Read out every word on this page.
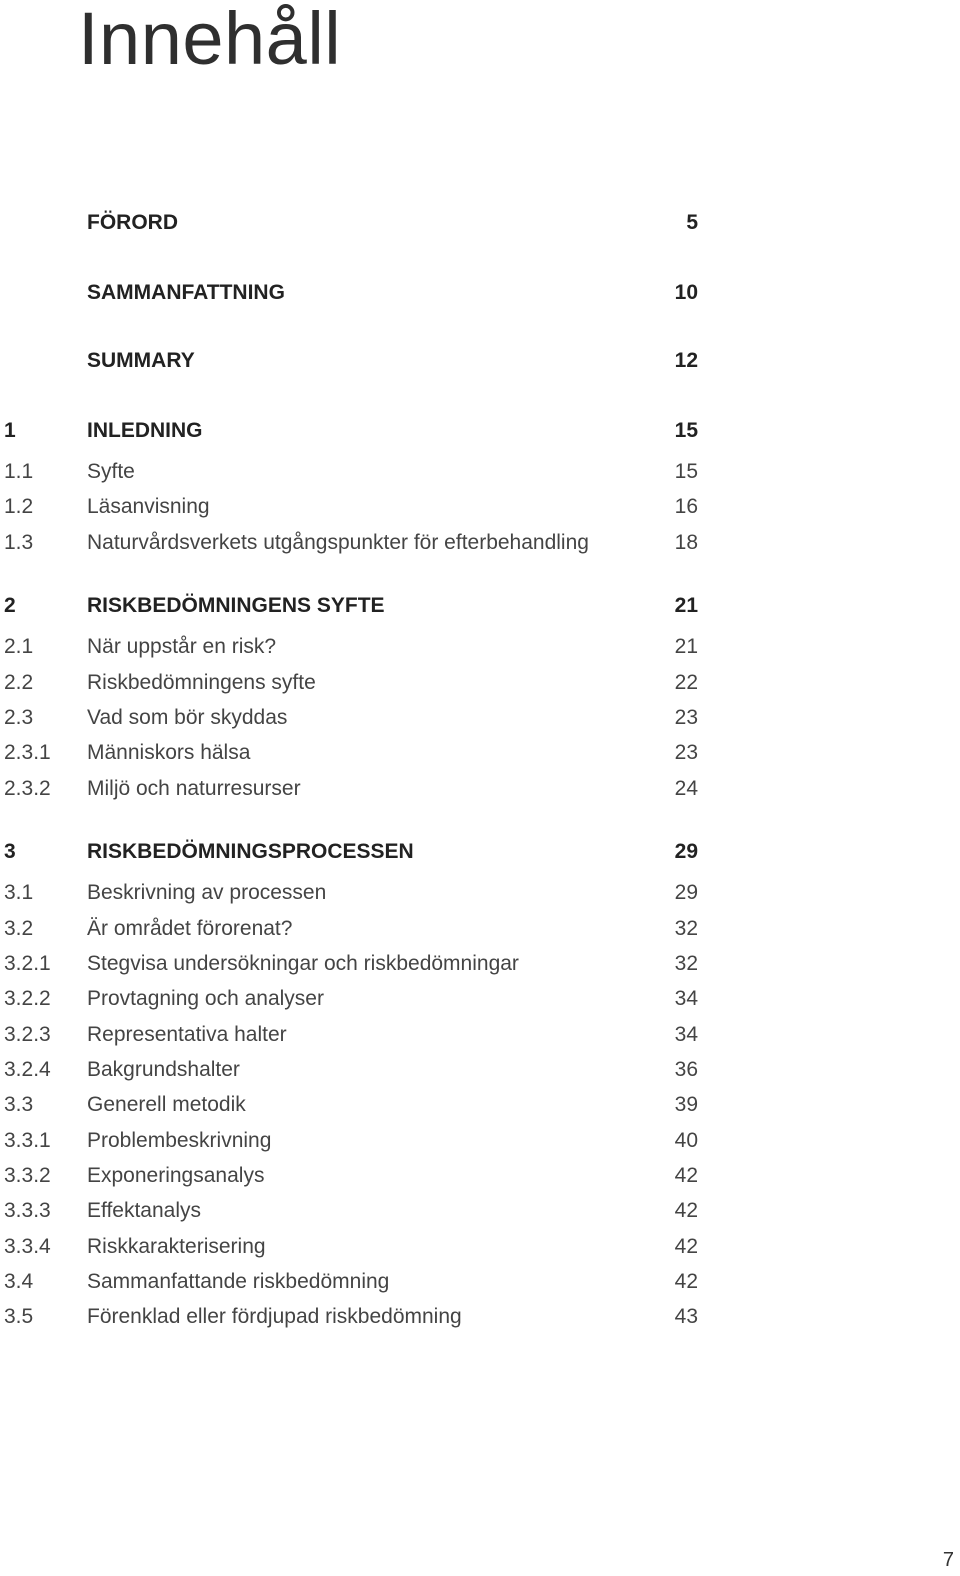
Innehåll
FÖRORD	5
SAMMANFATTNING	10
SUMMARY	12
1	INLEDNING	15
1.1	Syfte	15
1.2	Läsanvisning	16
1.3	Naturvårdsverkets utgångspunkter för efterbehandling	18
2	RISKBEDÖMNINGENS SYFTE	21
2.1	När uppstår en risk?	21
2.2	Riskbedömningens syfte	22
2.3	Vad som bör skyddas	23
2.3.1 Människors hälsa	23
2.3.2 Miljö och naturresurser	24
3	RISKBEDÖMNINGSPROCESSEN	29
3.1	Beskrivning av processen	29
3.2	Är området förorenat?	32
3.2.1 Stegvisa undersökningar och riskbedömningar	32
3.2.2 Provtagning och analyser	34
3.2.3 Representativa halter	34
3.2.4 Bakgrundshalter	36
3.3	Generell metodik	39
3.3.1 Problembeskrivning	40
3.3.2 Exponeringsanalys	42
3.3.3 Effektanalys	42
3.3.4 Riskkarakterisering	42
3.4	Sammanfattande riskbedömning	42
3.5	Förenklad eller fördjupad riskbedömning	43
7
